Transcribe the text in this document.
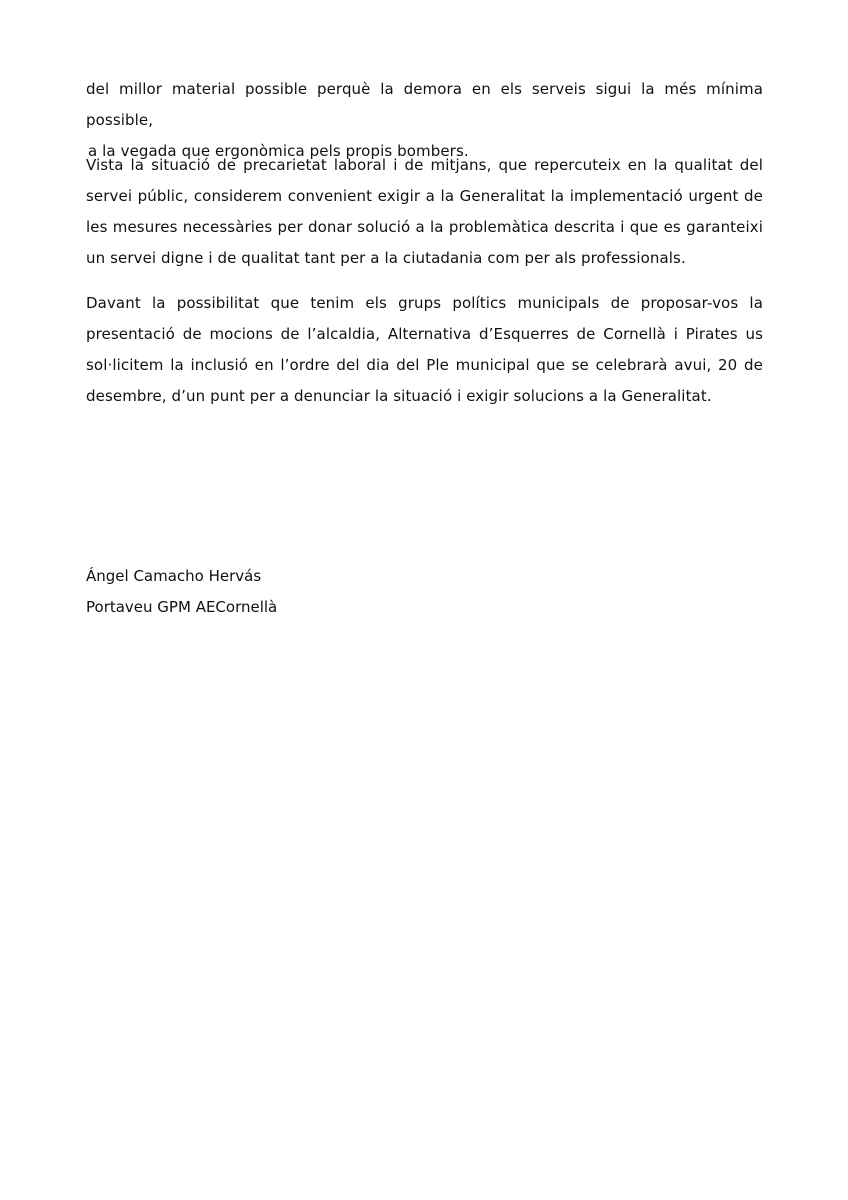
del millor material possible perquè la demora en els serveis sigui la més mínima possible,
a la vegada que ergonòmica pels propis bombers.

Vista la situació de precarietat laboral i de mitjans, que repercuteix en la qualitat del servei públic, considerem convenient exigir a la Generalitat la implementació urgent de les mesures necessàries per donar solució a la problemàtica descrita i que es garanteixi un servei digne i de qualitat tant per a la ciutadania com per als professionals.

Davant la possibilitat que tenim els grups polítics municipals de proposar-vos la presentació de mocions de l’alcaldia, Alternativa d’Esquerres de Cornellà i Pirates us sol·licitem la inclusió en l’ordre del dia del Ple municipal que se celebrarà avui, 20 de desembre, d’un punt per a denunciar la situació i exigir solucions a la Generalitat.

Ángel Camacho Hervás
Portaveu GPM AECornellà
